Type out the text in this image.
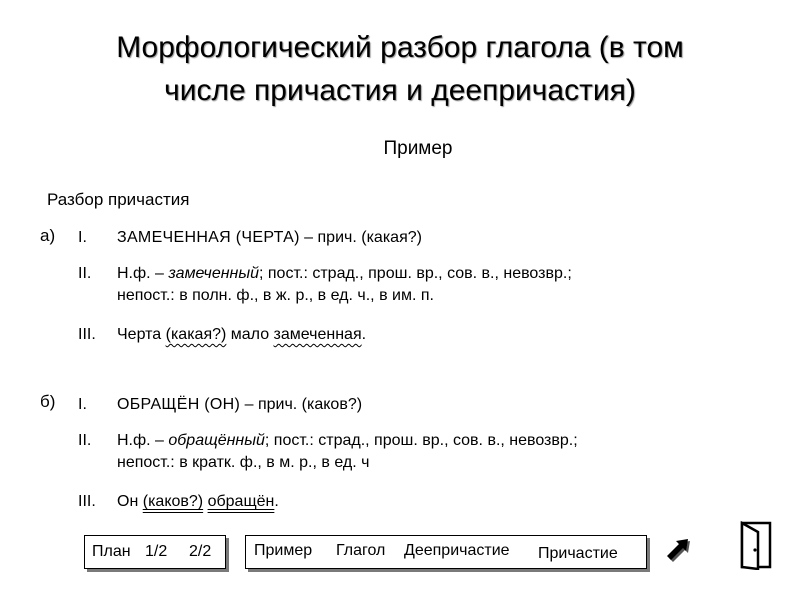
Морфологический разбор глагола (в том
числе причастия и деепричастия)
Пример
Разбор причастия
а) I. ЗАМЕЧЕННАЯ (ЧЕРТА) – прич. (какая?)
II. Н.ф. – замеченный; пост.: страд., прош. вр., сов. в., невозвр.;
непост.: в полн. ф., в ж. р., в ед. ч., в им. п.
III. Черта (какая?) мало замеченная.
б) I. ОБРАЩЁН (ОН) – прич. (каков?)
II. Н.ф. – обращённый; пост.: страд., прош. вр., сов. в., невозвр.;
непост.: в кратк. ф., в м. р., в ед. ч
III. Он (каков?) обращён.
План 1/2 2/2	Пример Глагол Деепричастие Причастие
